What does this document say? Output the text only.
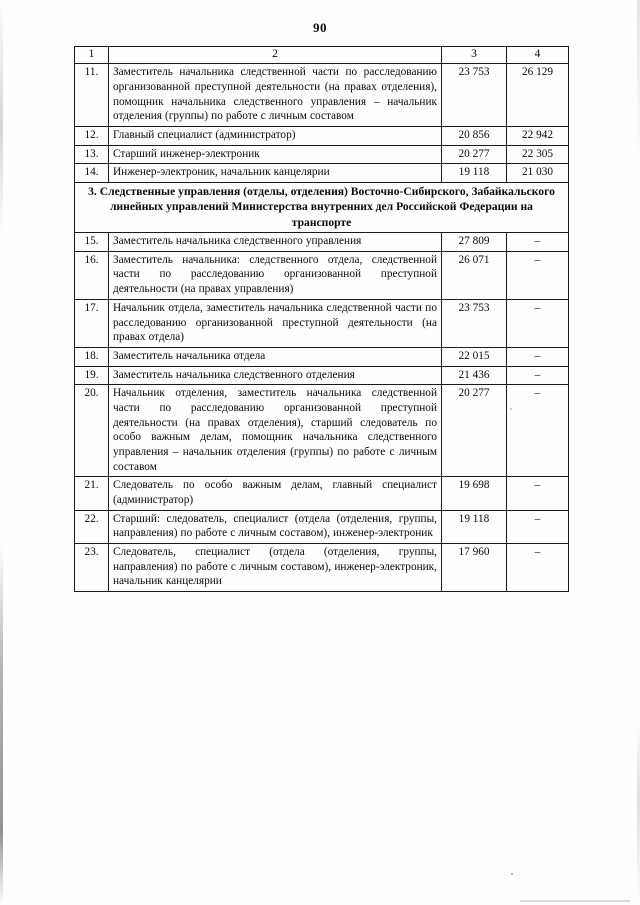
90
1	2	3	4
11.	Заместитель начальника следственной части по расследованию организованной преступной деятельности (на правах отделения), помощник начальника следственного управления – начальник отделения (группы) по работе с личным составом	23 753	26 129
12.	Главный специалист (администратор)	20 856	22 942
13.	Старший инженер-электроник	20 277	22 305
14.	Инженер-электроник, начальник канцелярии	19 118	21 030
3. Следственные управления (отделы, отделения) Восточно-Сибирского, Забайкальского линейных управлений Министерства внутренних дел Российской Федерации на транспорте			
15.	Заместитель начальника следственного управления	27 809	–
16.	Заместитель начальника: следственного отдела, следственной части по расследованию организованной преступной деятельности (на правах управления)	26 071	–
17.	Начальник отдела, заместитель начальника следственной части по расследованию организованной преступной деятельности (на правах отдела)	23 753	–
18.	Заместитель начальника отдела	22 015	–
19.	Заместитель начальника следственного отделения	21 436	–
20.	Начальник отделения, заместитель начальника следственной части по расследованию организованной преступной деятельности (на правах отделения), старший следователь по особо важным делам, помощник начальника следственного управления – начальник отделения (группы) по работе с личным составом	20 277	–
21.	Следователь по особо важным делам, главный специалист (администратор)	19 698	–
22.	Старший: следователь, специалист (отдела (отделения, группы, направления) по работе с личным составом), инженер-электроник	19 118	–
23.	Следователь, специалист (отдела (отделения, группы, направления) по работе с личным составом), инженер-электроник, начальник канцелярии	17 960	–
